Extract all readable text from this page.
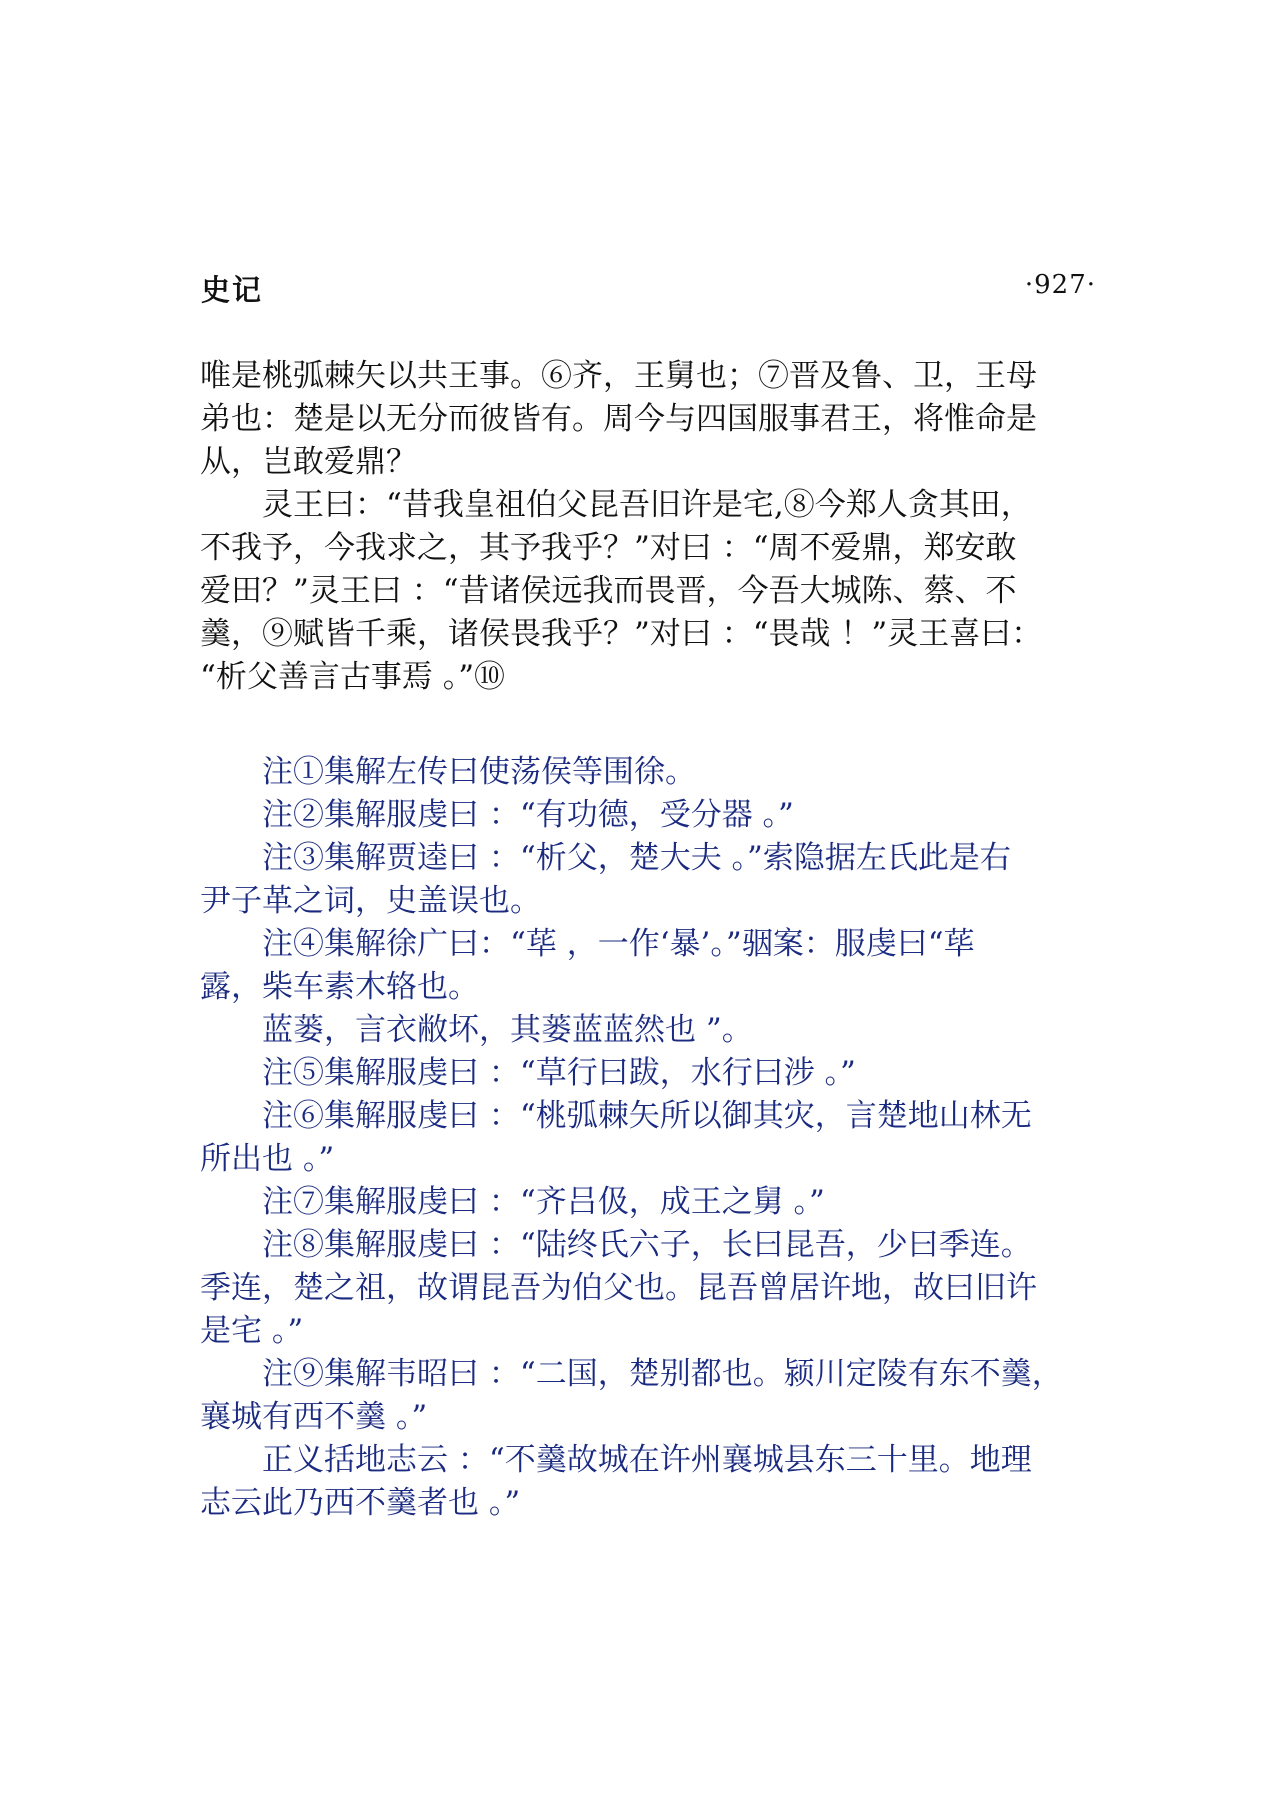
史记	·927·

唯是桃弧棘矢以共王事。⑥齐，王舅也；⑦晋及鲁、卫，王母

弟也：楚是以无分而彼皆有。周今与四国服事君王，将惟命是

从，岂敢爱鼎？

灵王曰：“昔我皇祖伯父昆吾旧许是宅,⑧今郑人贪其田，

不我予，今我求之，其予我乎？”对曰 ：“周不爱鼎，郑安敢

爱田？”灵王曰 ：“昔诸侯远我而畏晋，今吾大城陈、蔡、不

羹，⑨赋皆千乘，诸侯畏我乎？”对曰 ：“畏哉 ！”灵王喜曰：

“析父善言古事焉 。”⑩

注①集解左传曰使荡侯等围徐。

注②集解服虔曰 ：“有功德，受分器 。”

注③集解贾逵曰 ：“析父，楚大夫 。”索隐据左氏此是右

尹子革之词，史盖误也。

注④集解徐广曰：“荜 ，一作‘暴’。”骃案：服虔曰“荜

露，柴车素木辂也。

蓝蒌，言衣敝坏，其蒌蓝蓝然也 ”。

注⑤集解服虔曰 ：“草行曰跋，水行曰涉 。”

注⑥集解服虔曰 ：“桃弧棘矢所以御其灾，言楚地山林无

所出也 。”

注⑦集解服虔曰 ：“齐吕伋，成王之舅 。”

注⑧集解服虔曰 ：“陆终氏六子，长曰昆吾，少曰季连。

季连，楚之祖，故谓昆吾为伯父也。昆吾曾居许地，故曰旧许

是宅 。”

注⑨集解韦昭曰 ：“二国，楚别都也。颍川定陵有东不羹，

襄城有西不羹 。”

正义括地志云 ：“不羹故城在许州襄城县东三十里。地理

志云此乃西不羹者也 。”
